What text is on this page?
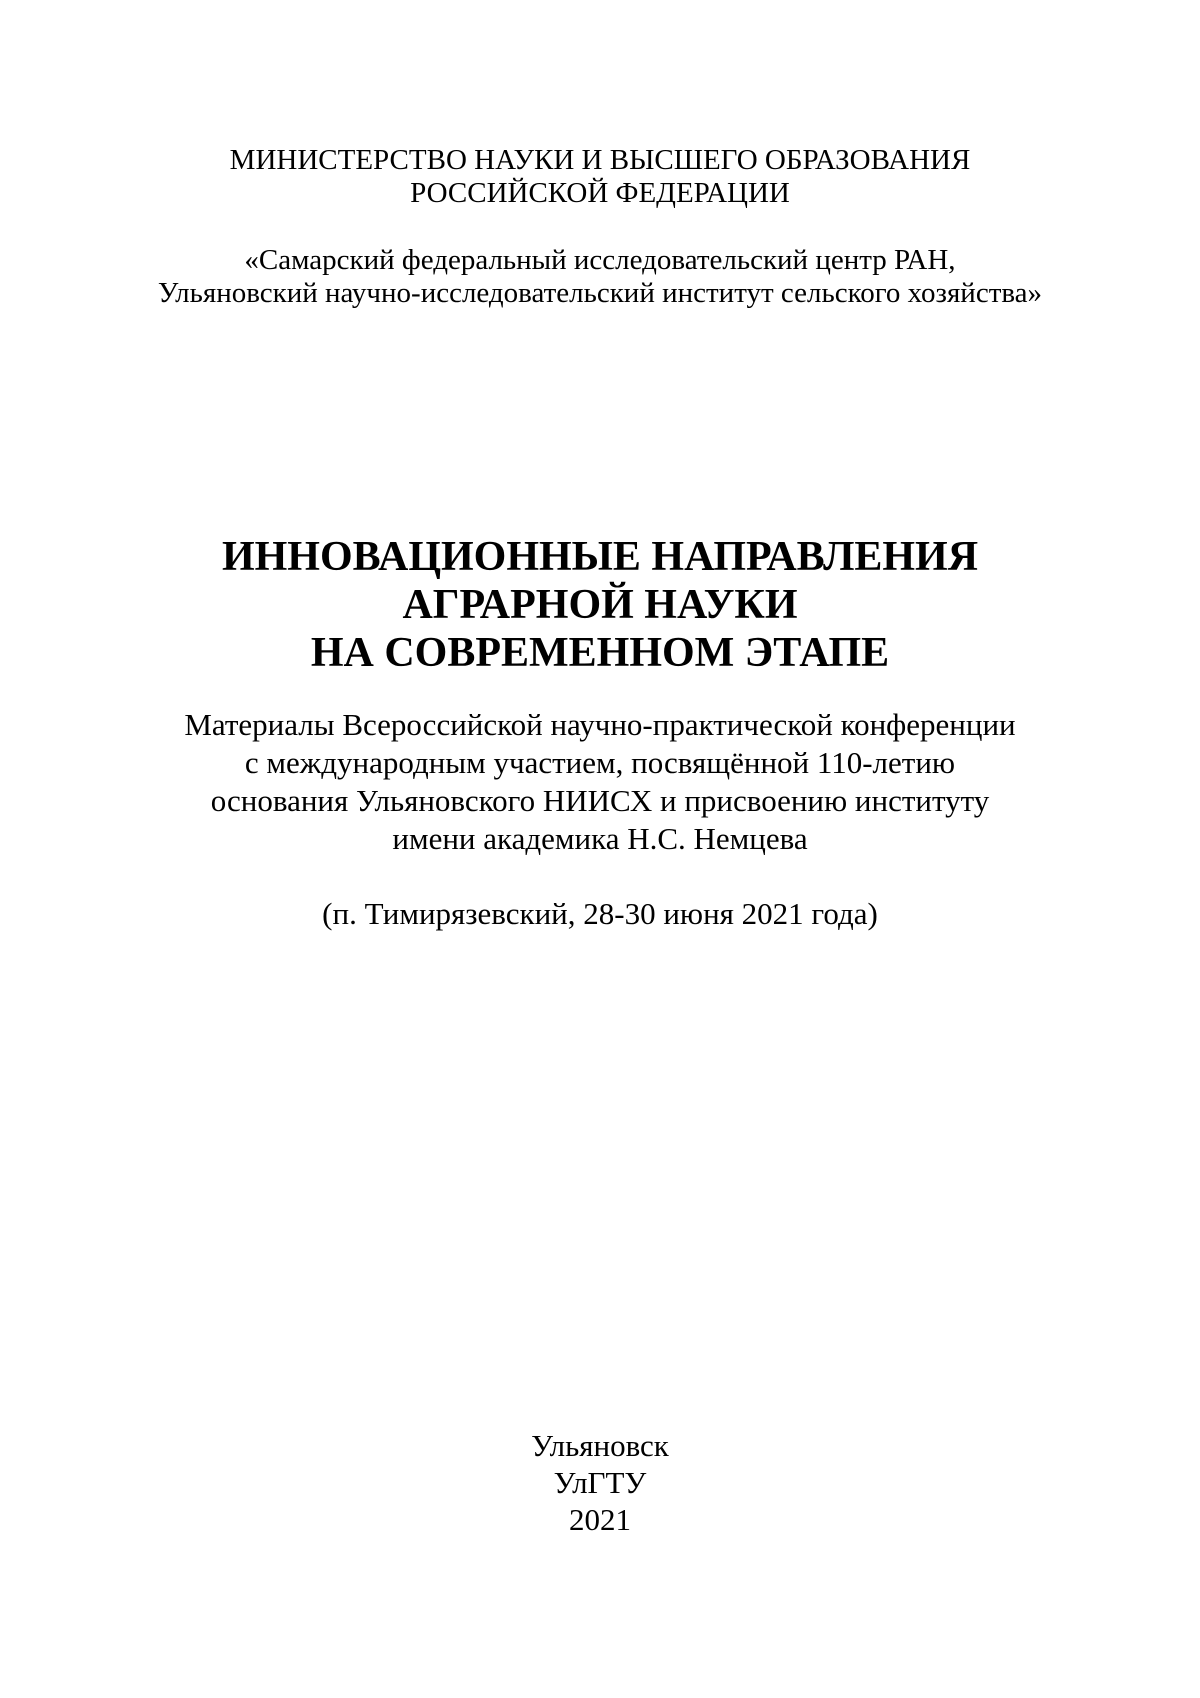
МИНИСТЕРСТВО НАУКИ И ВЫСШЕГО ОБРАЗОВАНИЯ
РОССИЙСКОЙ ФЕДЕРАЦИИ
«Самарский федеральный исследовательский центр РАН,
Ульяновский научно-исследовательский институт сельского хозяйства»
ИННОВАЦИОННЫЕ НАПРАВЛЕНИЯ
АГРАРНОЙ НАУКИ
НА СОВРЕМЕННОМ ЭТАПЕ
Материалы Всероссийской научно-практической конференции
с международным участием, посвящённой 110-летию
основания Ульяновского НИИСХ и присвоению институту
имени академика Н.С. Немцева
(п. Тимирязевский, 28-30 июня 2021 года)
Ульяновск
УлГТУ
2021
